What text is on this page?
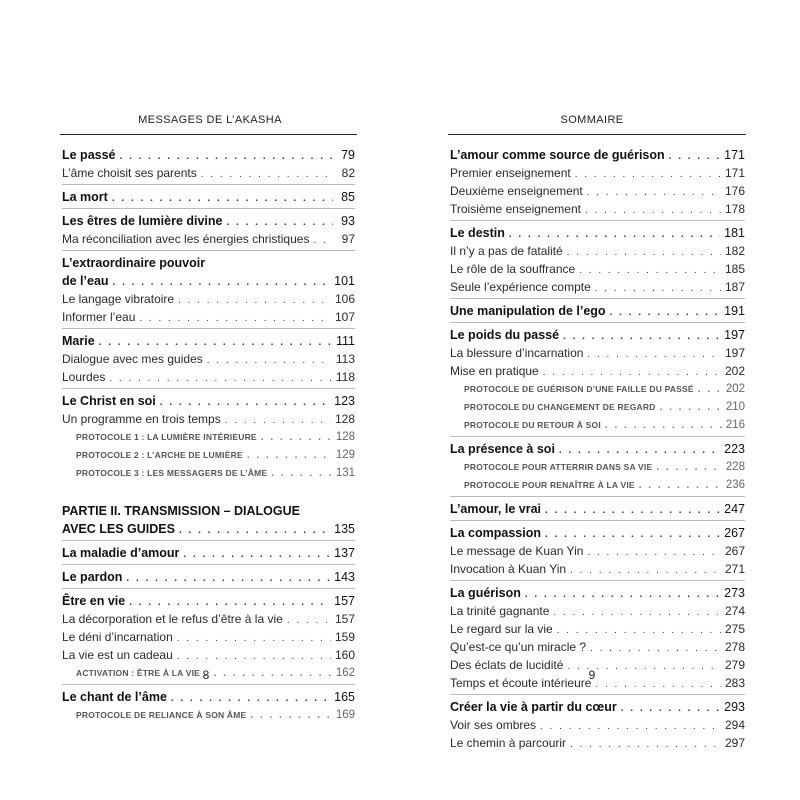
MESSAGES DE L’AKASHA
Le passé . . .	79
L’âme choisit ses parents . . .	82
La mort . . .	85
Les êtres de lumière divine . . .	93
Ma réconciliation avec les énergies christiques . . .	97
L’extraordinaire pouvoir
de l’eau . . .	101
Le langage vibratoire . . .	106
Informer l’eau . . .	107
Marie . . .	111
Dialogue avec mes guides . . .	113
Lourdes . . .	118
Le Christ en soi . . .	123
Un programme en trois temps . . .	128
PROTOCOLE 1 : LA LUMIÈRE INTÉRIEURE . . .	128
PROTOCOLE 2 : L’ARCHE DE LUMIÈRE . . .	129
PROTOCOLE 3 : LES MESSAGERS DE L’ÂME . . .	131
PARTIE II. TRANSMISSION – DIALOGUE
AVEC LES GUIDES . . .	135
La maladie d’amour . . .	137
Le pardon . . .	143
Être en vie . . .	157
La décorporation et le refus d’être à la vie . . .	157
Le déni d’incarnation . . .	159
La vie est un cadeau . . .	160
ACTIVATION : ÊTRE À LA VIE . . .	162
Le chant de l’âme . . .	165
PROTOCOLE DE RELIANCE À SON ÂME . . .	169
8
SOMMAIRE
L’amour comme source de guérison . . .	171
Premier enseignement . . .	171
Deuxième enseignement . . .	176
Troisième enseignement . . .	178
Le destin . . .	181
Il n’y a pas de fatalité . . .	182
Le rôle de la souffrance . . .	185
Seule l’expérience compte . . .	187
Une manipulation de l’ego . . .	191
Le poids du passé . . .	197
La blessure d’incarnation . . .	197
Mise en pratique . . .	202
PROTOCOLE DE GUÉRISON D’UNE FAILLE DU PASSÉ . . .	202
PROTOCOLE DU CHANGEMENT DE REGARD . . .	210
PROTOCOLE DU RETOUR À SOI . . .	216
La présence à soi . . .	223
PROTOCOLE POUR ATTERRIR DANS SA VIE . . .	228
PROTOCOLE POUR RENAÎTRE À LA VIE . . .	236
L’amour, le vrai . . .	247
La compassion . . .	267
Le message de Kuan Yin . . .	267
Invocation à Kuan Yin . . .	271
La guérison . . .	273
La trinité gagnante . . .	274
Le regard sur la vie . . .	275
Qu’est-ce qu’un miracle ? . . .	278
Des éclats de lucidité . . .	279
Temps et écoute intérieure . . .	283
Créer la vie à partir du cœur . . .	293
Voir ses ombres . . .	294
Le chemin à parcourir . . .	297
9
